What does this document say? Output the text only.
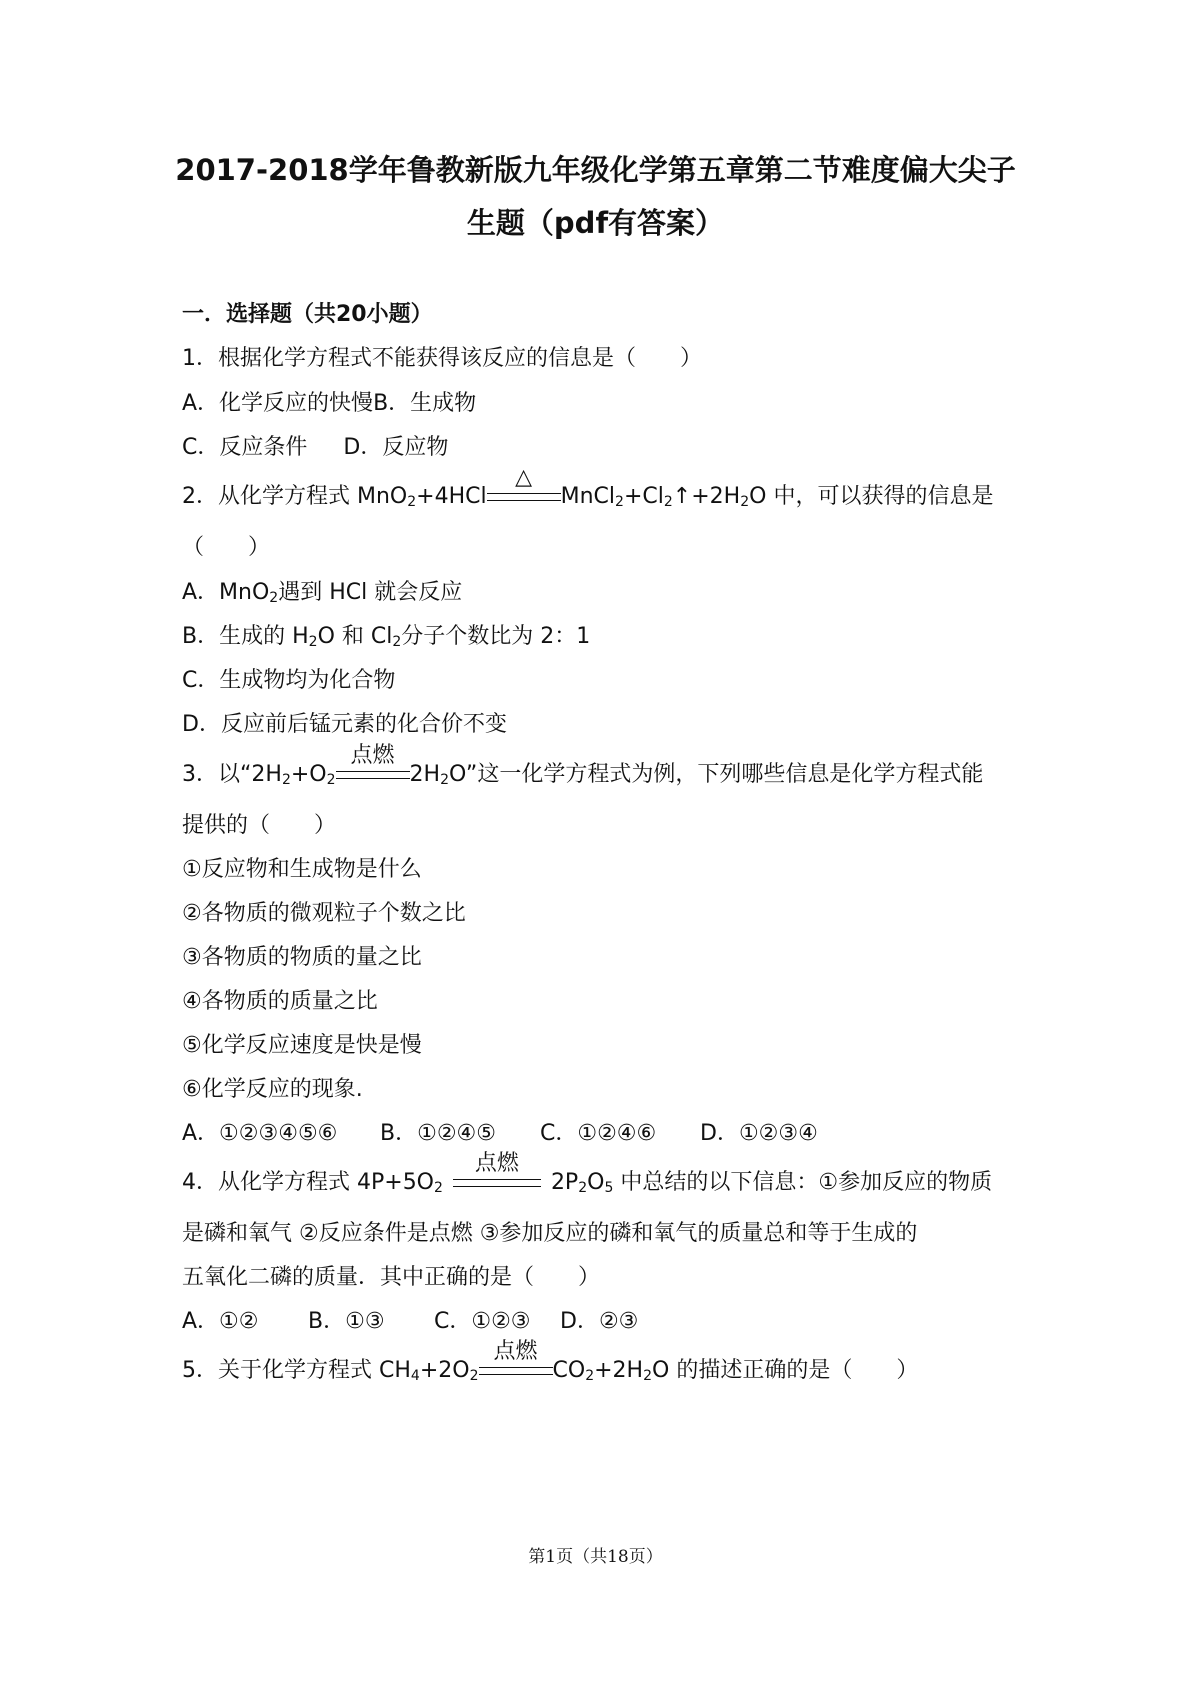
2017-2018学年鲁教新版九年级化学第五章第二节难度偏大尖子
生题（pdf有答案）
一．选择题（共20小题）
1．根据化学方程式不能获得该反应的信息是（　　）
A．化学反应的快慢B．生成物
C．反应条件 D．反应物
2．从化学方程式 MnO$_2$+4HCl
△
$MnCl_2+Cl_2↑+2H_2O$ 中，可以获得的信息是
（　　）
A．MnO$_2$遇到 HCl 就会反应
B．生成的 $H_2O$ 和 $Cl_2$分子个数比为 2：1
C．生成物均为化合物
D．反应前后锰元素的化合价不变
3．以“$2H_2+O_2$
点燃
$2H_2O$”这一化学方程式为例，下列哪些信息是化学方程式能
提供的（　　）
①反应物和生成物是什么
②各物质的微观粒子个数之比
③各物质的物质的量之比
④各物质的质量之比
⑤化学反应速度是快是慢
⑥化学反应的现象.
A．①②③④⑤⑥ B．①②④⑤ C．①②④⑥ D．①②③④
4．从化学方程式 $4P+5O_2$
点燃
$2P_2O_5$ 中总结的以下信息：①参加反应的物质
是磷和氧气 ②反应条件是点燃 ③参加反应的磷和氧气的质量总和等于生成的
五氧化二磷的质量．其中正确的是（　　）
A．①② B．①③ C．①②③ D．②③
5．关于化学方程式 $CH_4+2O_2$
点燃
$CO_2+2H_2O$ 的描述正确的是（　　）
第1页（共18页）
